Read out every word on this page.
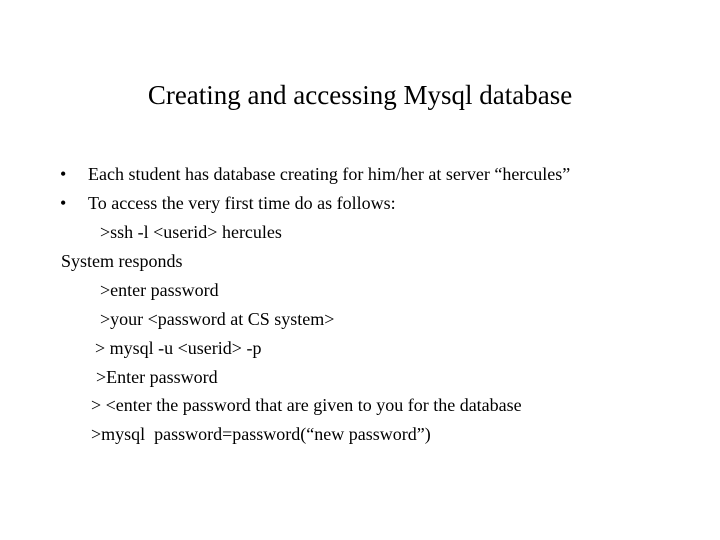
Creating and accessing Mysql database
• Each student has database creating for him/her at server “hercules”
• To access the very first time do as follows:
>ssh -l <userid> hercules
System responds
>enter password
>your <password at CS system>
> mysql -u <userid> -p
>Enter password
> <enter the password that are given to you for the database
>mysql  password=password(“new password”)
